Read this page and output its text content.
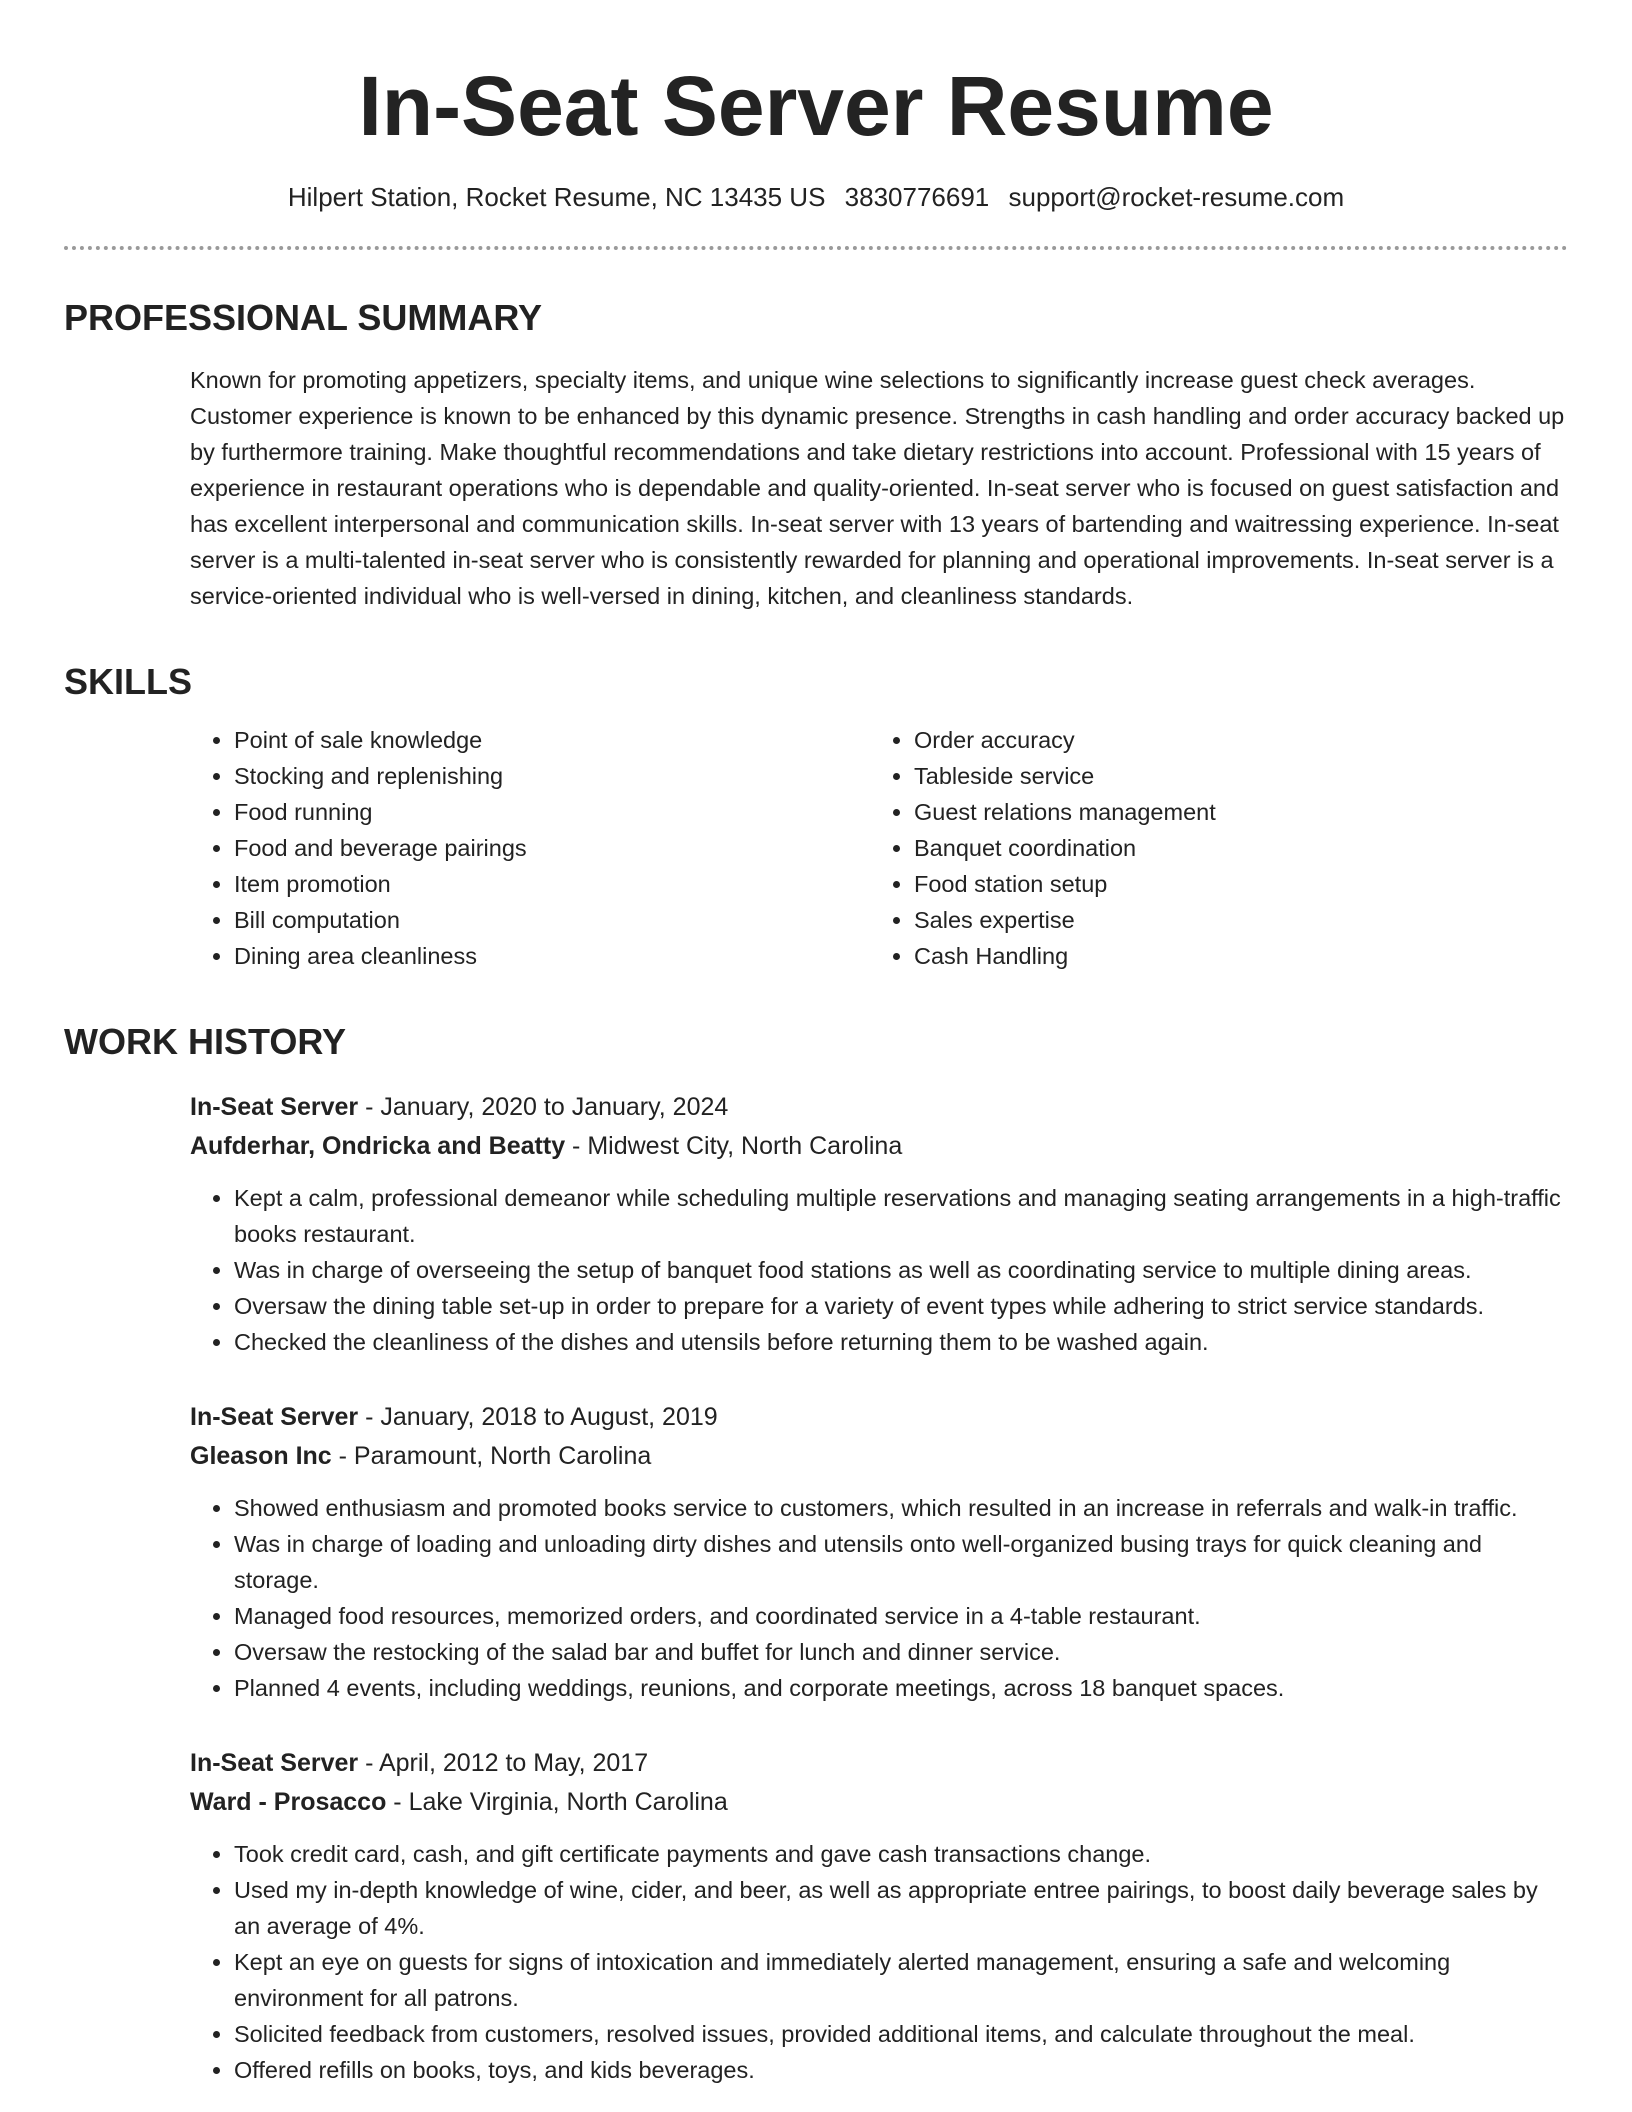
In-Seat Server Resume
Hilpert Station, Rocket Resume, NC 13435 US 3830776691 support@rocket-resume.com
PROFESSIONAL SUMMARY
Known for promoting appetizers, specialty items, and unique wine selections to significantly increase guest check averages. Customer experience is known to be enhanced by this dynamic presence. Strengths in cash handling and order accuracy backed up by furthermore training. Make thoughtful recommendations and take dietary restrictions into account. Professional with 15 years of experience in restaurant operations who is dependable and quality-oriented. In-seat server who is focused on guest satisfaction and has excellent interpersonal and communication skills. In-seat server with 13 years of bartending and waitressing experience. In-seat server is a multi-talented in-seat server who is consistently rewarded for planning and operational improvements. In-seat server is a service-oriented individual who is well-versed in dining, kitchen, and cleanliness standards.
SKILLS
• Point of sale knowledge
• Stocking and replenishing
• Food running
• Food and beverage pairings
• Item promotion
• Bill computation
• Dining area cleanliness
• Order accuracy
• Tableside service
• Guest relations management
• Banquet coordination
• Food station setup
• Sales expertise
• Cash Handling
WORK HISTORY
In-Seat Server - January, 2020 to January, 2024
Aufderhar, Ondricka and Beatty - Midwest City, North Carolina
• Kept a calm, professional demeanor while scheduling multiple reservations and managing seating arrangements in a high-traffic books restaurant.
• Was in charge of overseeing the setup of banquet food stations as well as coordinating service to multiple dining areas.
• Oversaw the dining table set-up in order to prepare for a variety of event types while adhering to strict service standards.
• Checked the cleanliness of the dishes and utensils before returning them to be washed again.
In-Seat Server - January, 2018 to August, 2019
Gleason Inc - Paramount, North Carolina
• Showed enthusiasm and promoted books service to customers, which resulted in an increase in referrals and walk-in traffic.
• Was in charge of loading and unloading dirty dishes and utensils onto well-organized busing trays for quick cleaning and storage.
• Managed food resources, memorized orders, and coordinated service in a 4-table restaurant.
• Oversaw the restocking of the salad bar and buffet for lunch and dinner service.
• Planned 4 events, including weddings, reunions, and corporate meetings, across 18 banquet spaces.
In-Seat Server - April, 2012 to May, 2017
Ward - Prosacco - Lake Virginia, North Carolina
• Took credit card, cash, and gift certificate payments and gave cash transactions change.
• Used my in-depth knowledge of wine, cider, and beer, as well as appropriate entree pairings, to boost daily beverage sales by an average of 4%.
• Kept an eye on guests for signs of intoxication and immediately alerted management, ensuring a safe and welcoming environment for all patrons.
• Solicited feedback from customers, resolved issues, provided additional items, and calculate throughout the meal.
• Offered refills on books, toys, and kids beverages.
